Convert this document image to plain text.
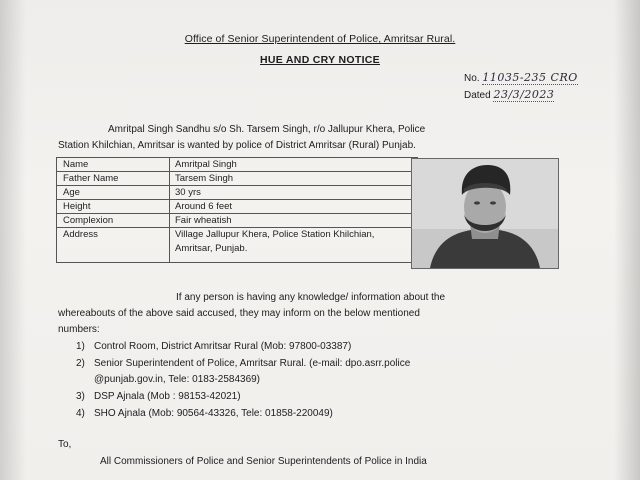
Office of Senior Superintendent of Police, Amritsar Rural.
HUE AND CRY NOTICE
No. 11035-235 CRO
Dated 23/3/2023
Amritpal Singh Sandhu s/o Sh. Tarsem Singh, r/o Jallupur Khera, Police
Station Khilchian, Amritsar is wanted by police of District Amritsar (Rural) Punjab.
Name	Amritpal Singh
Father Name	Tarsem Singh
Age	30 yrs
Height	Around 6 feet
Complexion	Fair wheatish
Address	Village Jallupur Khera, Police Station Khilchian, Amritsar, Punjab.
If any person is having any knowledge/ information about the
whereabouts of the above said accused, they may inform on the below mentioned
numbers:
1) Control Room, District Amritsar Rural (Mob: 97800-03387)
2) Senior Superintendent of Police, Amritsar Rural. (e-mail: dpo.asrr.police
@punjab.gov.in, Tele: 0183-2584369)
3) DSP Ajnala (Mob : 98153-42021)
4) SHO Ajnala (Mob: 90564-43326, Tele: 01858-220049)
To,
All Commissioners of Police and Senior Superintendents of Police in India
